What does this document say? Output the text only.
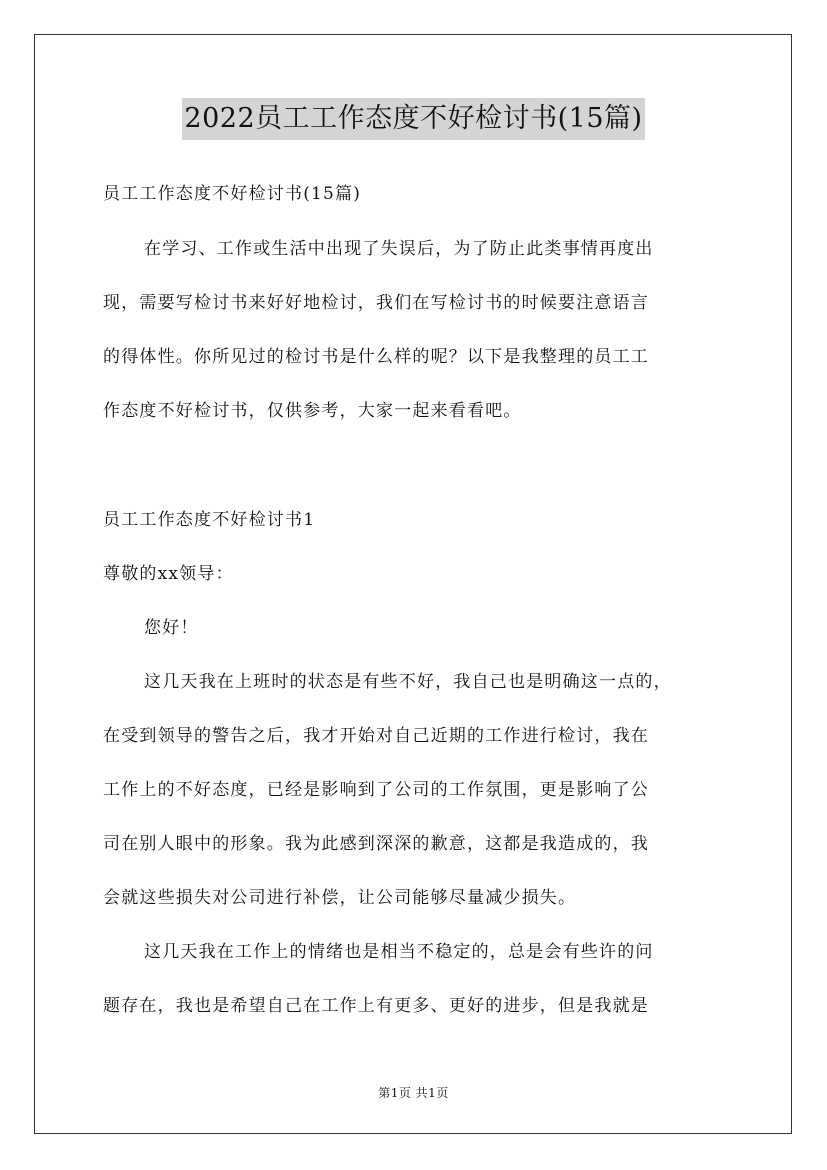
2022员工工作态度不好检讨书(15篇)
员工工作态度不好检讨书(15篇)
在学习、工作或生活中出现了失误后，为了防止此类事情再度出
现，需要写检讨书来好好地检讨，我们在写检讨书的时候要注意语言
的得体性。你所见过的检讨书是什么样的呢？以下是我整理的员工工
作态度不好检讨书，仅供参考，大家一起来看看吧。
员工工作态度不好检讨书1
尊敬的xx领导：
您好！
这几天我在上班时的状态是有些不好，我自己也是明确这一点的，
在受到领导的警告之后，我才开始对自己近期的工作进行检讨，我在
工作上的不好态度，已经是影响到了公司的工作氛围，更是影响了公
司在别人眼中的形象。我为此感到深深的歉意，这都是我造成的，我
会就这些损失对公司进行补偿，让公司能够尽量减少损失。
这几天我在工作上的情绪也是相当不稳定的，总是会有些许的问
题存在，我也是希望自己在工作上有更多、更好的进步，但是我就是
第1页 共1页
